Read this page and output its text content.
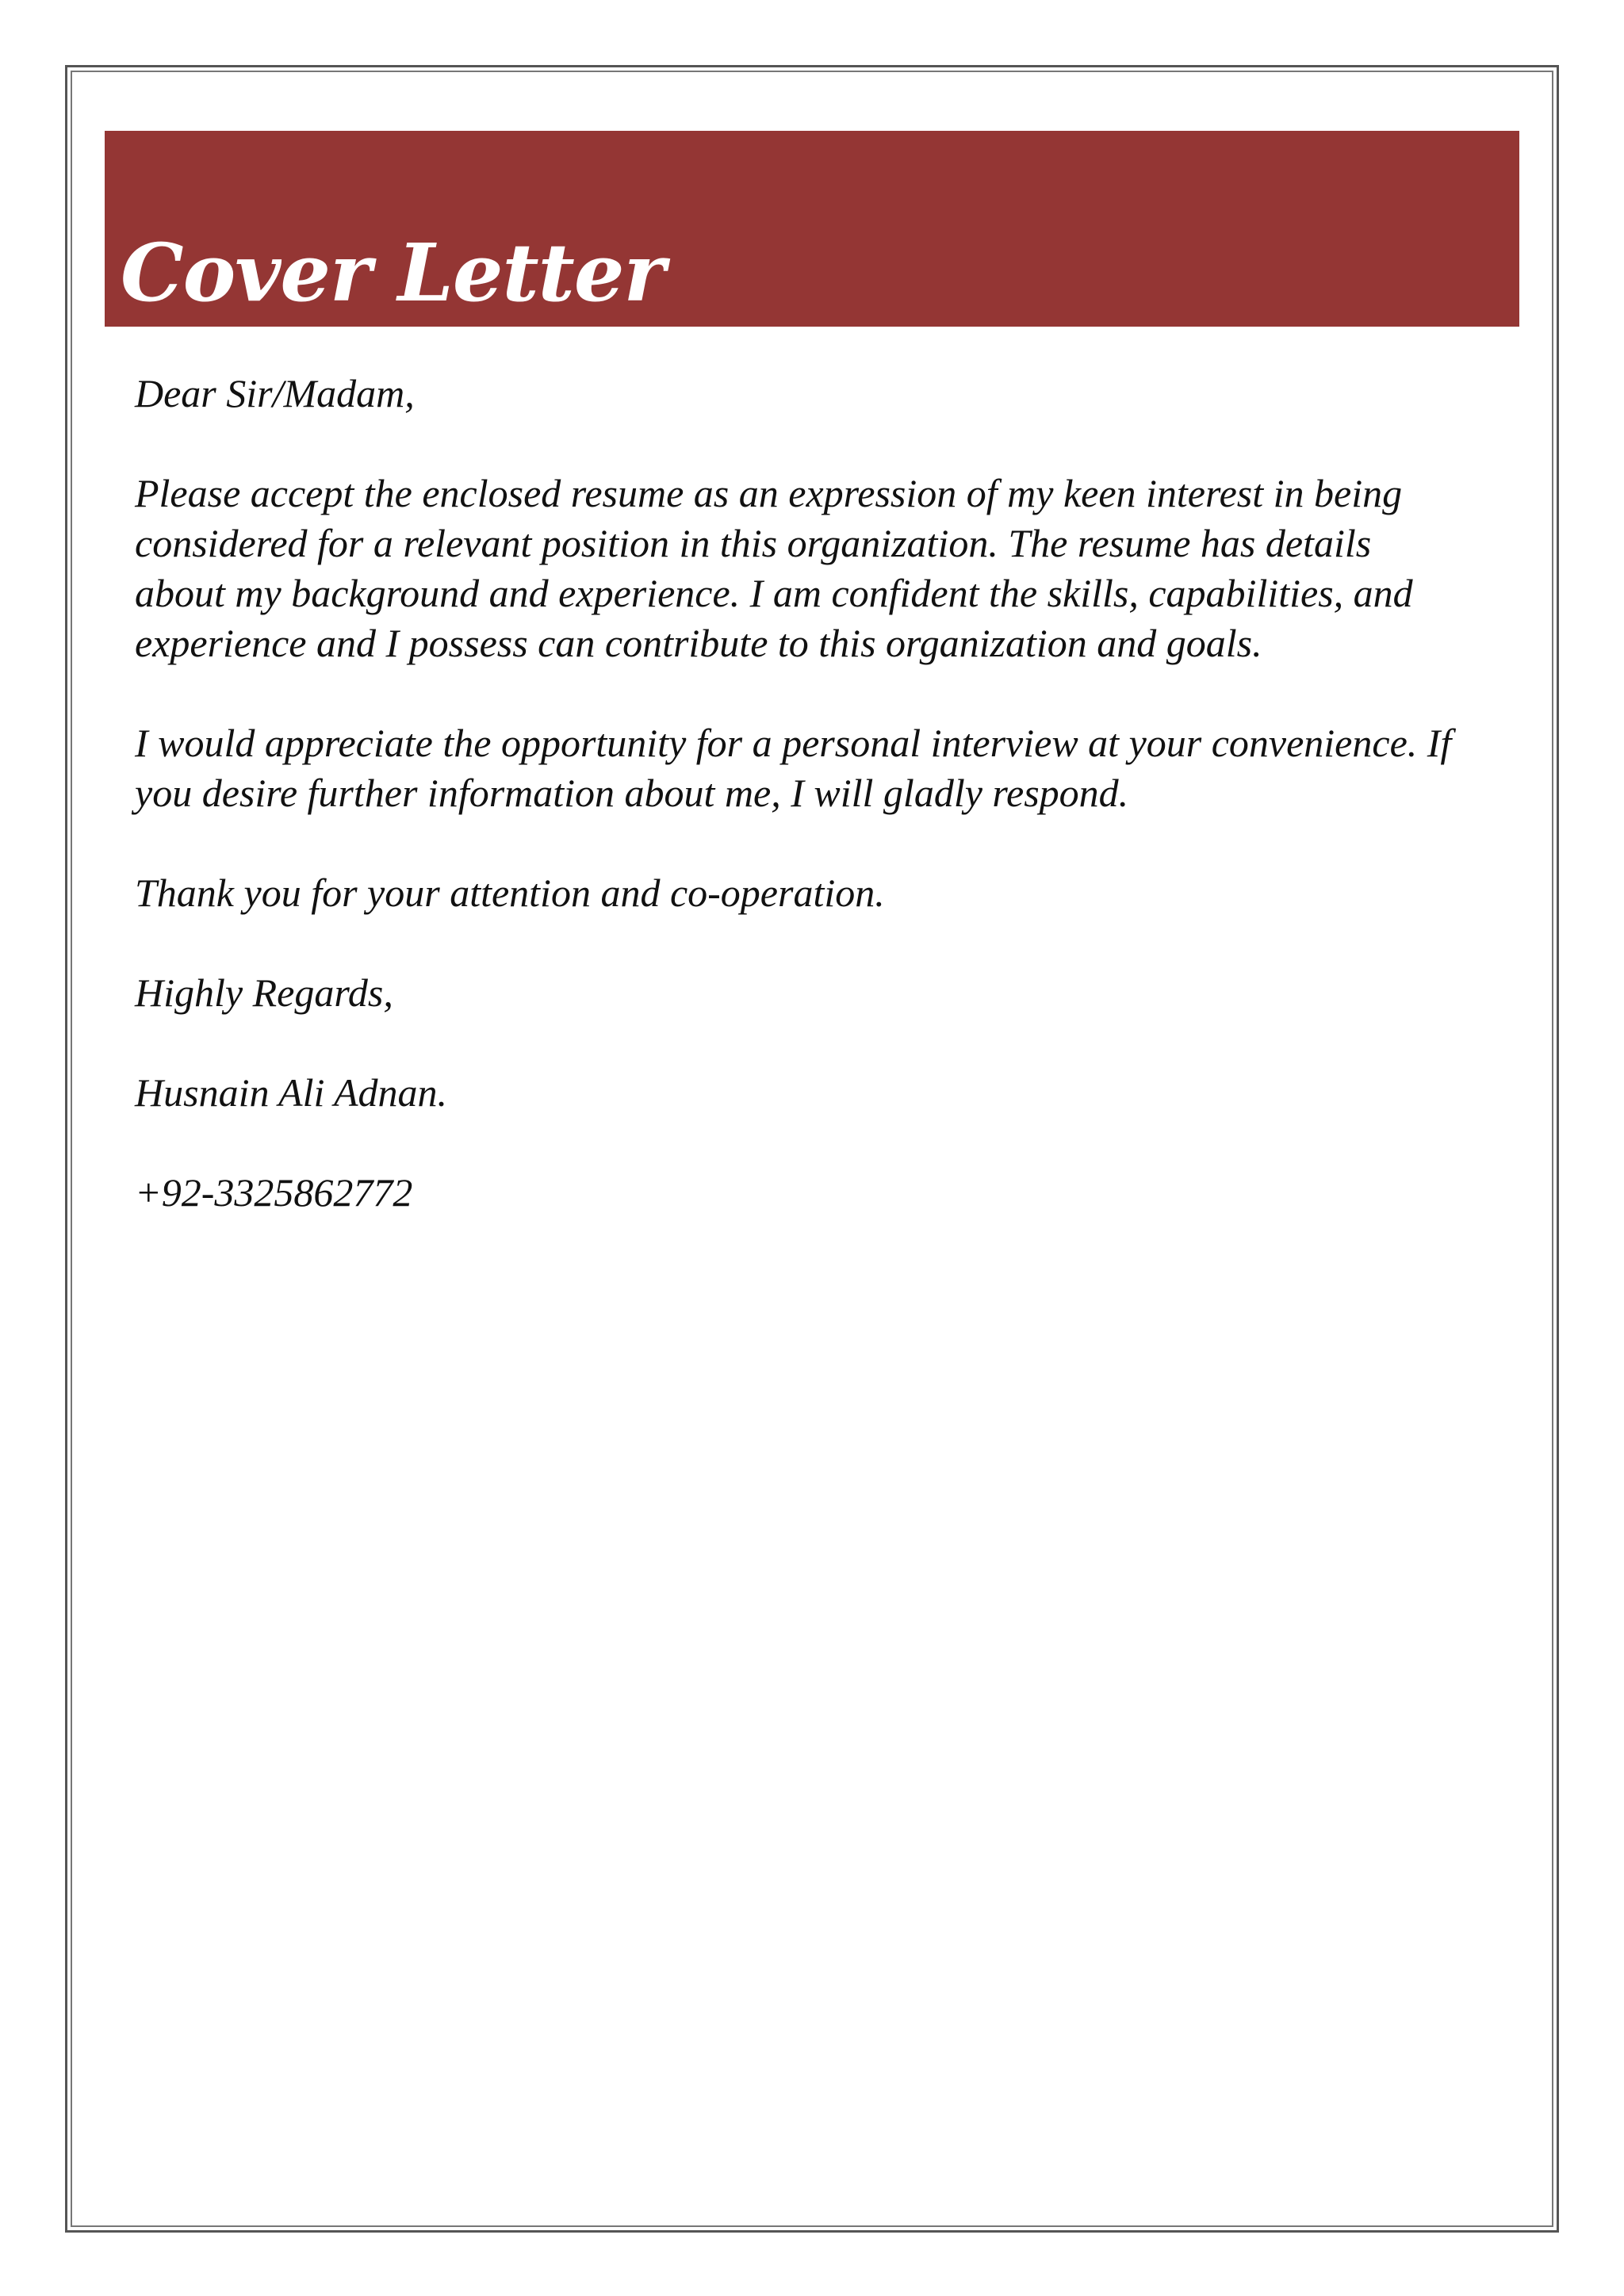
Cover Letter

Dear Sir/Madam,

Please accept the enclosed resume as an expression of my keen interest in being considered for a relevant position in this organization. The resume has details about my background and experience. I am confident the skills, capabilities, and experience and I possess can contribute to this organization and goals.

I would appreciate the opportunity for a personal interview at your convenience. If you desire further information about me, I will gladly respond.

Thank you for your attention and co-operation.

Highly Regards,

Husnain Ali Adnan.

+92-3325862772
